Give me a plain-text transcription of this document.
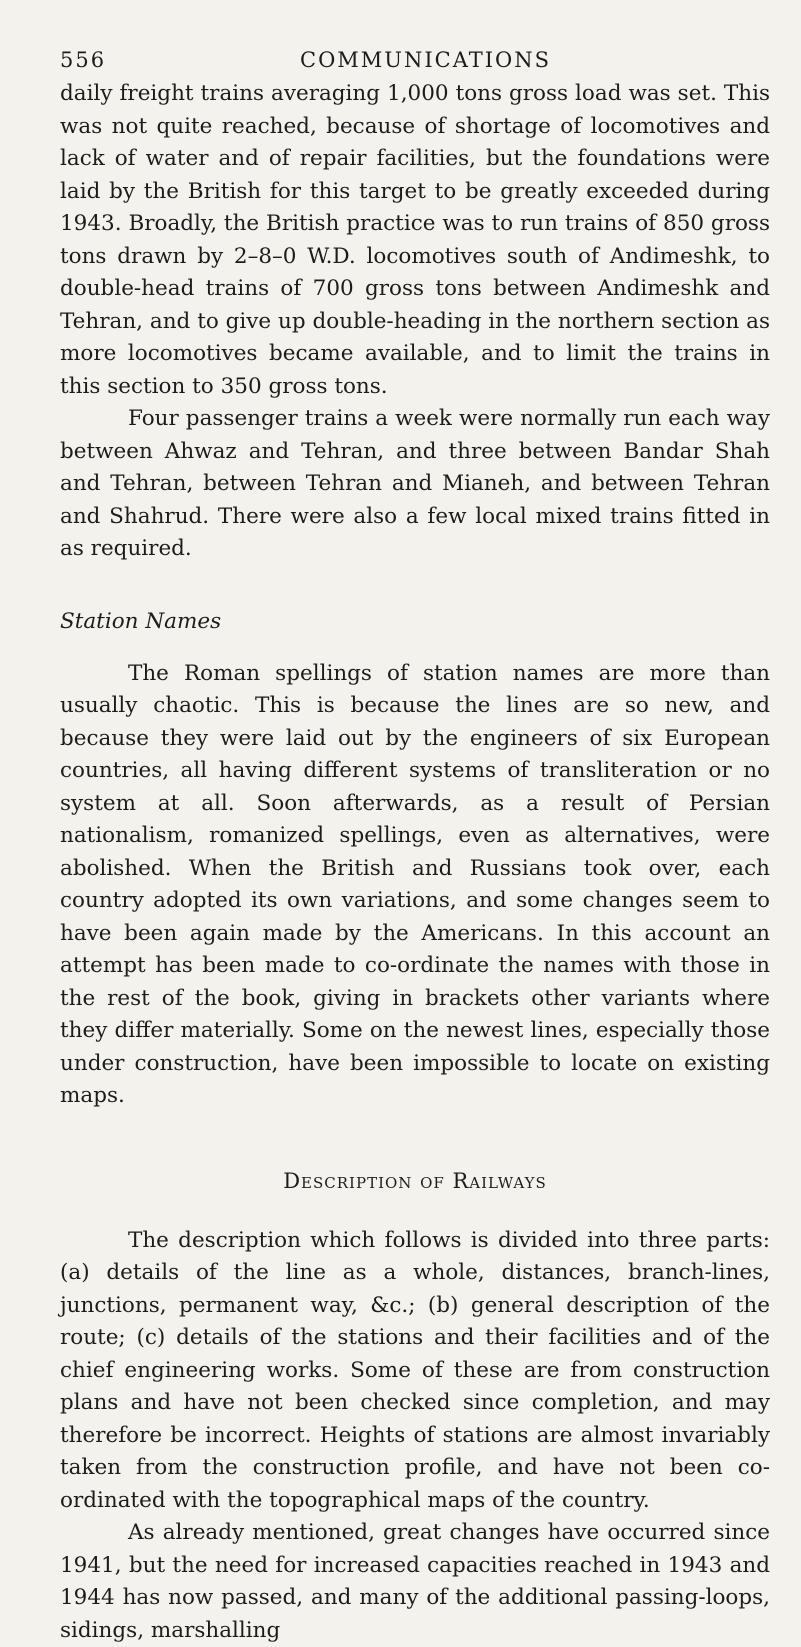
556	COMMUNICATIONS

daily freight trains averaging 1,000 tons gross load was set. This was not quite reached, because of shortage of locomotives and lack of water and of repair facilities, but the foundations were laid by the British for this target to be greatly exceeded during 1943. Broadly, the British practice was to run trains of 850 gross tons drawn by 2–8–0 W.D. locomotives south of Andimeshk, to double-head trains of 700 gross tons between Andimeshk and Tehran, and to give up double-heading in the northern section as more locomotives became available, and to limit the trains in this section to 350 gross tons.

Four passenger trains a week were normally run each way between Ahwaz and Tehran, and three between Bandar Shah and Tehran, between Tehran and Mianeh, and between Tehran and Shahrud. There were also a few local mixed trains fitted in as required.

Station Names

The Roman spellings of station names are more than usually chaotic. This is because the lines are so new, and because they were laid out by the engineers of six European countries, all having different systems of transliteration or no system at all. Soon afterwards, as a result of Persian nationalism, romanized spellings, even as alternatives, were abolished. When the British and Russians took over, each country adopted its own variations, and some changes seem to have been again made by the Americans. In this account an attempt has been made to co-ordinate the names with those in the rest of the book, giving in brackets other variants where they differ materially. Some on the newest lines, especially those under construction, have been impossible to locate on existing maps.

Description of Railways

The description which follows is divided into three parts: (a) details of the line as a whole, distances, branch-lines, junctions, permanent way, &c.; (b) general description of the route; (c) details of the stations and their facilities and of the chief engineering works. Some of these are from construction plans and have not been checked since completion, and may therefore be incorrect. Heights of stations are almost invariably taken from the construction profile, and have not been co-ordinated with the topographical maps of the country.

As already mentioned, great changes have occurred since 1941, but the need for increased capacities reached in 1943 and 1944 has now passed, and many of the additional passing-loops, sidings, marshalling
